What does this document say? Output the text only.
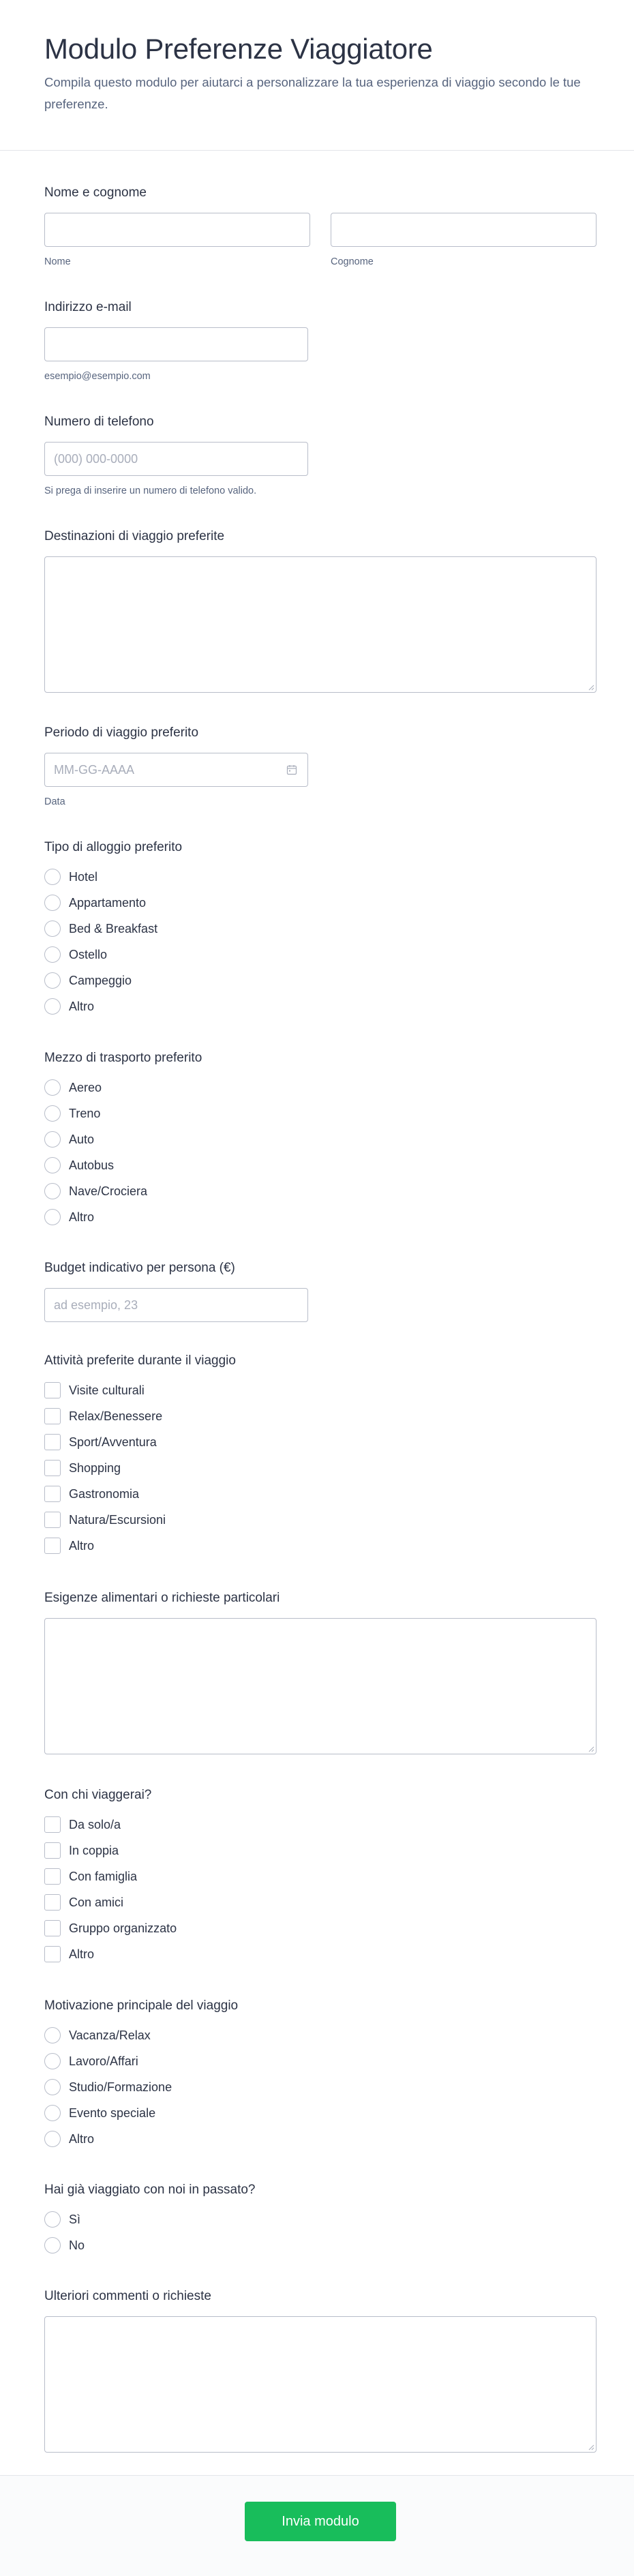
Modulo Preferenze Viaggiatore

Compila questo modulo per aiutarci a personalizzare la tua esperienza di viaggio secondo le tue preferenze.

Nome e cognome
Nome	Cognome
Indirizzo e-mail
esempio@esempio.com
Numero di telefono
(000) 000-0000
Si prega di inserire un numero di telefono valido.
Destinazioni di viaggio preferite
Periodo di viaggio preferito
MM-GG-AAAA
Data
Tipo di alloggio preferito
Hotel
Appartamento
Bed & Breakfast
Ostello
Campeggio
Altro
Mezzo di trasporto preferito
Aereo
Treno
Auto
Autobus
Nave/Crociera
Altro
Budget indicativo per persona (€)
ad esempio, 23
Attività preferite durante il viaggio
Visite culturali
Relax/Benessere
Sport/Avventura
Shopping
Gastronomia
Natura/Escursioni
Altro
Esigenze alimentari o richieste particolari
Con chi viaggerai?
Da solo/a
In coppia
Con famiglia
Con amici
Gruppo organizzato
Altro
Motivazione principale del viaggio
Vacanza/Relax
Lavoro/Affari
Studio/Formazione
Evento speciale
Altro
Hai già viaggiato con noi in passato?
Sì
No
Ulteriori commenti o richieste
Invia modulo
